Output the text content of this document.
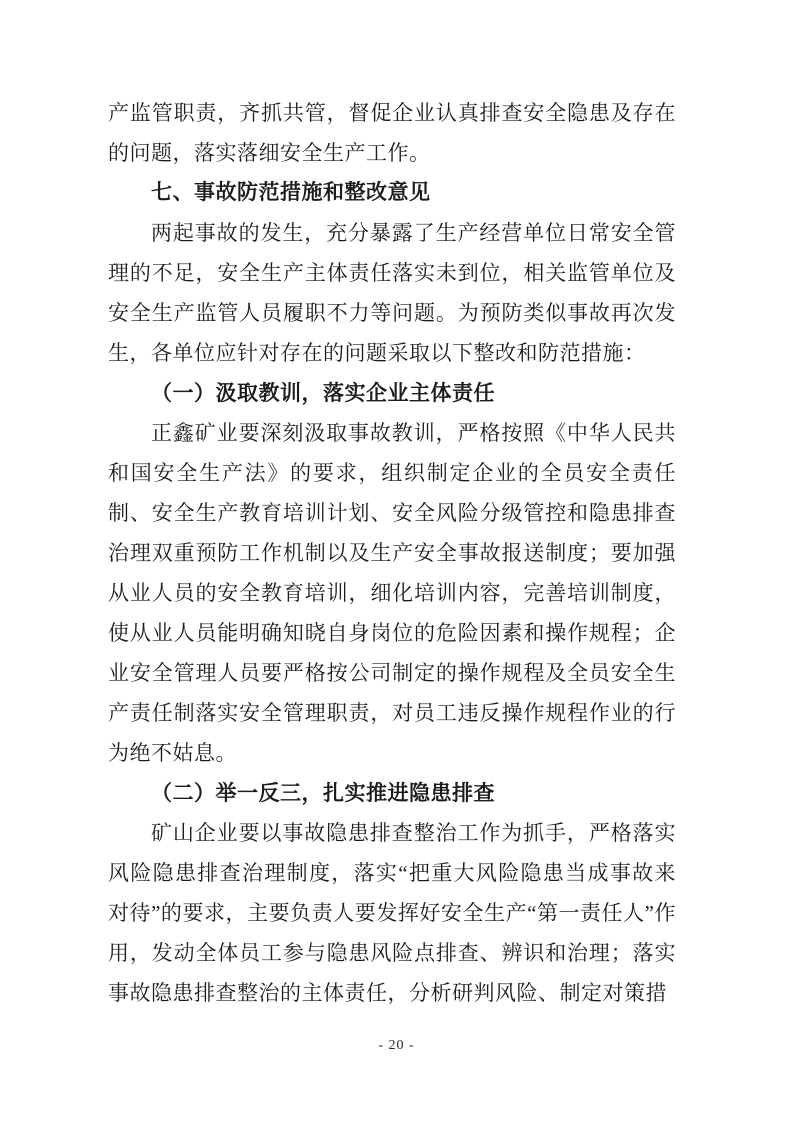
产监管职责，齐抓共管，督促企业认真排查安全隐患及存在的问题，落实落细安全生产工作。

七、事故防范措施和整改意见

两起事故的发生，充分暴露了生产经营单位日常安全管理的不足，安全生产主体责任落实未到位，相关监管单位及安全生产监管人员履职不力等问题。为预防类似事故再次发生，各单位应针对存在的问题采取以下整改和防范措施：

（一）汲取教训，落实企业主体责任

正鑫矿业要深刻汲取事故教训，严格按照《中华人民共和国安全生产法》的要求，组织制定企业的全员安全责任制、安全生产教育培训计划、安全风险分级管控和隐患排查治理双重预防工作机制以及生产安全事故报送制度；要加强从业人员的安全教育培训，细化培训内容，完善培训制度，使从业人员能明确知晓自身岗位的危险因素和操作规程；企业安全管理人员要严格按公司制定的操作规程及全员安全生产责任制落实安全管理职责，对员工违反操作规程作业的行为绝不姑息。

（二）举一反三，扎实推进隐患排查

矿山企业要以事故隐患排查整治工作为抓手，严格落实风险隐患排查治理制度，落实“把重大风险隐患当成事故来对待”的要求，主要负责人要发挥好安全生产“第一责任人”作用，发动全体员工参与隐患风险点排查、辨识和治理；落实事故隐患排查整治的主体责任，分析研判风险、制定对策措

- 20 -
